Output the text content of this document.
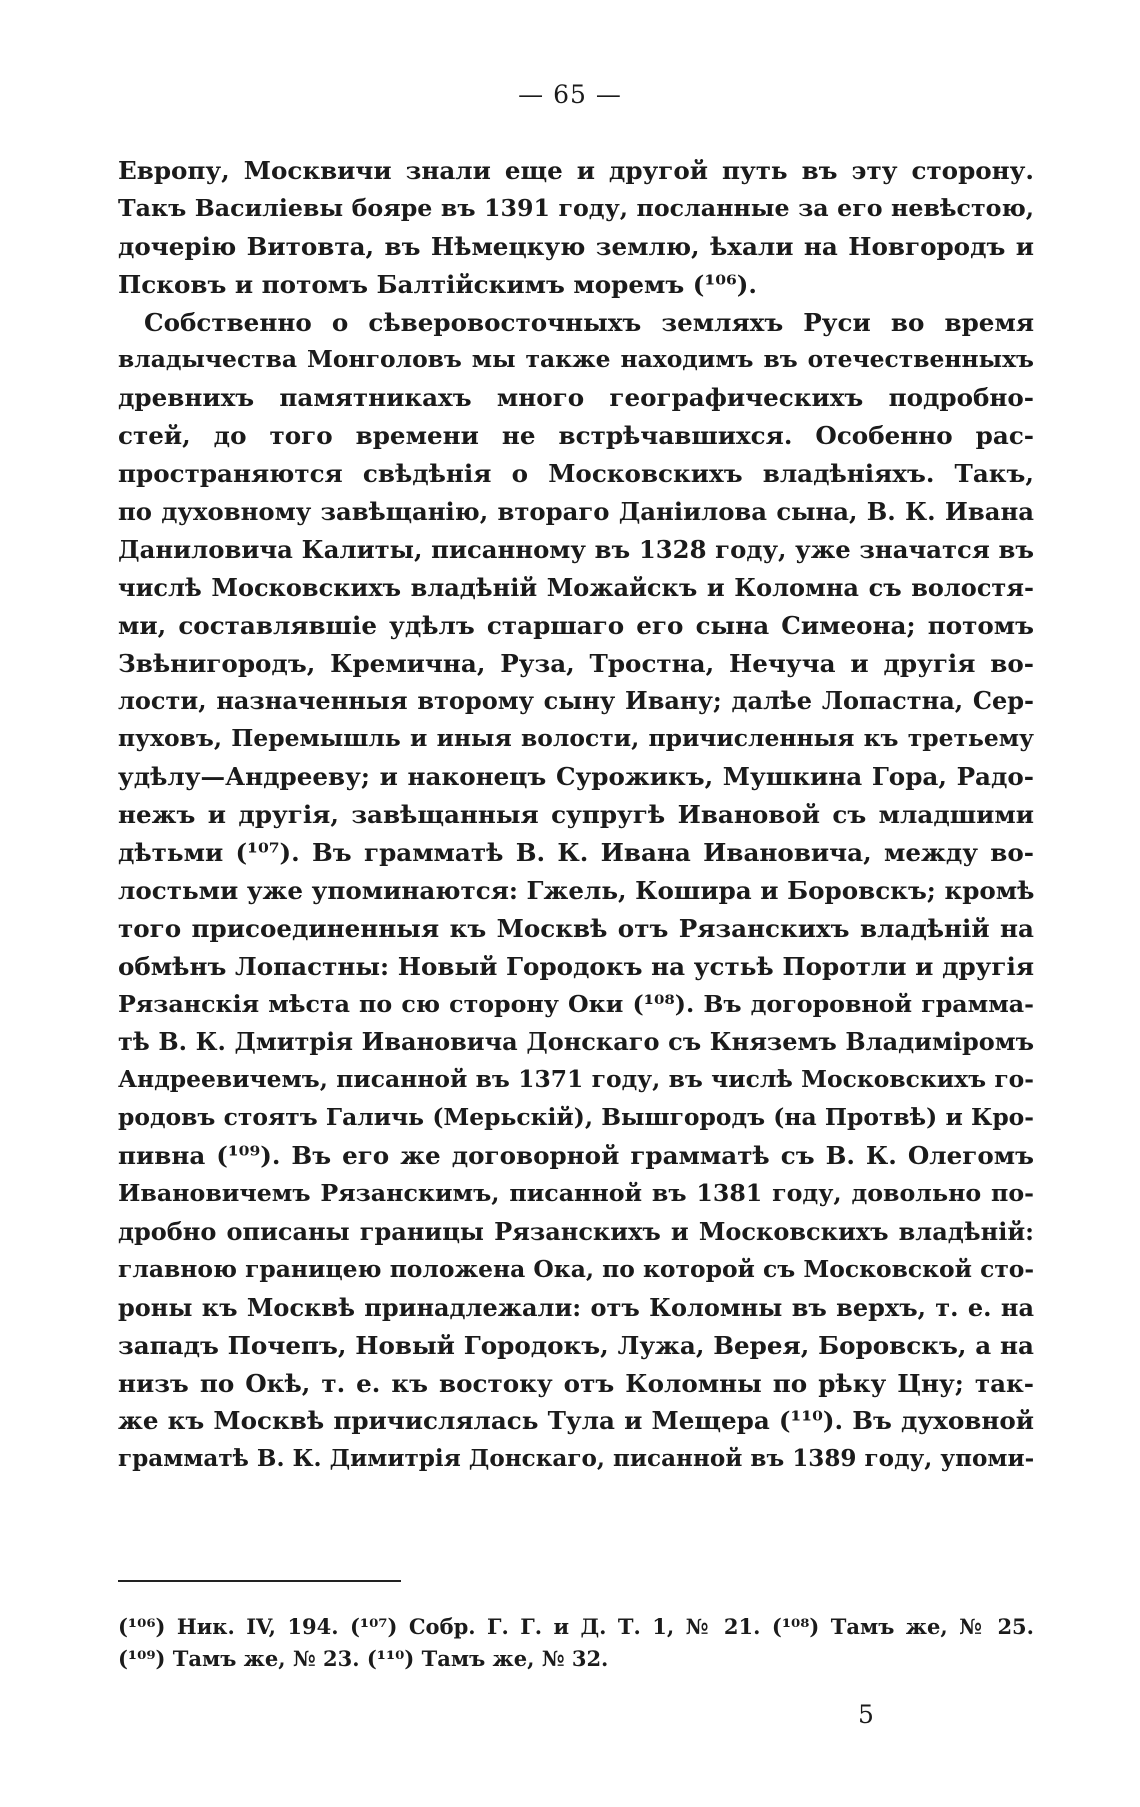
— 65 —
Европу, Москвичи знали еще и другой путь въ эту сторону.
Такъ Василіевы бояре въ 1391 году, посланные за его невѣстою,
дочерію Витовта, въ Нѣмецкую землю, ѣхали на Новгородъ и
Псковъ и потомъ Балтійскимъ моремъ (¹⁰⁶).
Собственно о сѣверовосточныхъ земляхъ Руси во время
владычества Монголовъ мы также находимъ въ отечественныхъ
древнихъ памятникахъ много географическихъ подробно-
стей, до того времени не встрѣчавшихся. Особенно рас-
пространяются свѣдѣнія о Московскихъ владѣніяхъ. Такъ,
по духовному завѣщанію, втораго Даніилова сына, В. К. Ивана
Даниловича Калиты, писанному въ 1328 году, уже значатся въ
числѣ Московскихъ владѣній Можайскъ и Коломна съ волостя-
ми, составлявшіе удѣлъ старшаго его сына Симеона; потомъ
Звѣнигородъ, Кремична, Руза, Тростна, Нечуча и другія во-
лости, назначенныя второму сыну Ивану; далѣе Лопастна, Сер-
пуховъ, Перемышль и иныя волости, причисленныя къ третьему
удѣлу—Андрееву; и наконецъ Сурожикъ, Мушкина Гора, Радо-
нежъ и другія, завѣщанныя супругѣ Ивановой съ младшими
дѣтьми (¹⁰⁷). Въ грамматѣ В. К. Ивана Ивановича, между во-
лостьми уже упоминаются: Гжель, Кошира и Боровскъ; кромѣ
того присоединенныя къ Москвѣ отъ Рязанскихъ владѣній на
обмѣнъ Лопастны: Новый Городокъ на устьѣ Поротли и другія
Рязанскія мѣста по сю сторону Оки (¹⁰⁸). Въ догоровной граммa-
тѣ В. К. Дмитрія Ивановича Донскаго съ Княземъ Владиміромъ
Андреевичемъ, писанной въ 1371 году, въ числѣ Московскихъ го-
родовъ стоятъ Галичь (Мерьскій), Вышгородъ (на Протвѣ) и Кро-
пивна (¹⁰⁹). Въ его же договорной грамматѣ съ В. К. Олегомъ
Ивановичемъ Рязанскимъ, писанной въ 1381 году, довольно по-
дробно описаны границы Рязанскихъ и Московскихъ владѣній:
главною границею положена Ока, по которой съ Московской сто-
роны къ Москвѣ принадлежали: отъ Коломны въ верхъ, т. е. на
западъ Почепъ, Новый Городокъ, Лужа, Верея, Боровскъ, а на
низъ по Окѣ, т. е. къ востоку отъ Коломны по рѣку Цну; так-
же къ Москвѣ причислялась Тула и Мещера (¹¹⁰). Въ духовной
грамматѣ В. К. Димитрія Донскаго, писанной въ 1389 году, упоми-
(¹⁰⁶) Ник. IV, 194. (¹⁰⁷) Собр. Г. Г. и Д. Т. 1, № 21. (¹⁰⁸) Тамъ же, № 25.
(¹⁰⁹) Тамъ же, № 23. (¹¹⁰) Тамъ же, № 32.
5
